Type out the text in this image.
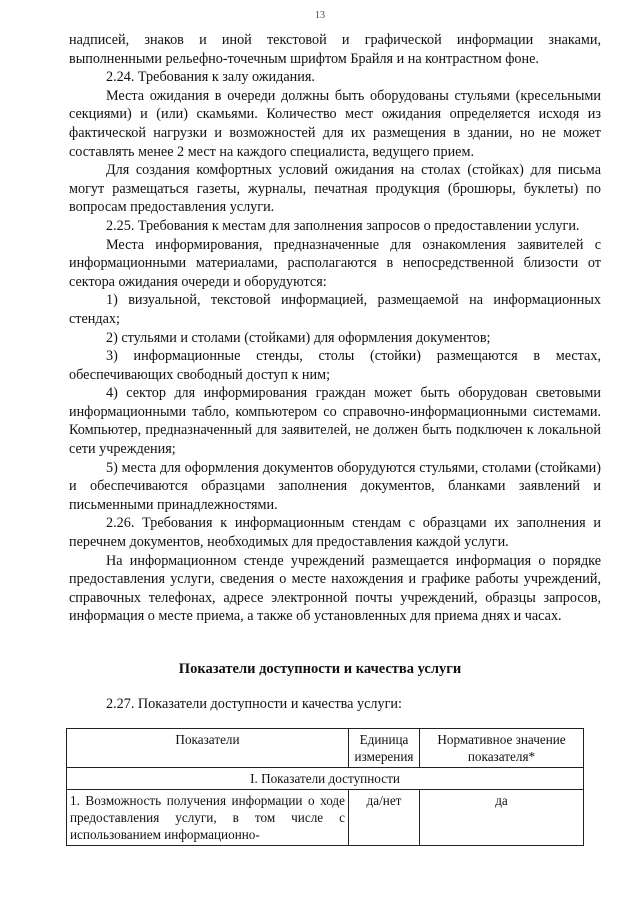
13

надписей, знаков и иной текстовой и графической информации знаками, выполненными рельефно-точечным шрифтом Брайля и на контрастном фоне.

2.24. Требования к залу ожидания.

Места ожидания в очереди должны быть оборудованы стульями (кресельными секциями) и (или) скамьями. Количество мест ожидания определяется исходя из фактической нагрузки и возможностей для их размещения в здании, но не может составлять менее 2 мест на каждого специалиста, ведущего прием.

Для создания комфортных условий ожидания на столах (стойках) для письма могут размещаться газеты, журналы, печатная продукция (брошюры, буклеты) по вопросам предоставления услуги.

2.25. Требования к местам для заполнения запросов о предоставлении услуги.

Места информирования, предназначенные для ознакомления заявителей с информационными материалами, располагаются в непосредственной близости от сектора ожидания очереди и оборудуются:

1) визуальной, текстовой информацией, размещаемой на информационных стендах;

2) стульями и столами (стойками) для оформления документов;

3) информационные стенды, столы (стойки) размещаются в местах, обеспечивающих свободный доступ к ним;

4) сектор для информирования граждан может быть оборудован световыми информационными табло, компьютером со справочно-информационными системами. Компьютер, предназначенный для заявителей, не должен быть подключен к локальной сети учреждения;

5) места для оформления документов оборудуются стульями, столами (стойками) и обеспечиваются образцами заполнения документов, бланками заявлений и письменными принадлежностями.

2.26. Требования к информационным стендам с образцами их заполнения и перечнем документов, необходимых для предоставления каждой услуги.

На информационном стенде учреждений размещается информация о порядке предоставления услуги, сведения о месте нахождения и графике работы учреждений, справочных телефонах, адресе электронной почты учреждений, образцы запросов, информация о месте приема, а также об установленных для приема днях и часах.

Показатели доступности и качества услуги
2.27. Показатели доступности и качества услуги:
Показатели	Единица измерения	Нормативное значение показателя*
I. Показатели доступности		
1. Возможность получения информации о ходе предоставления услуги, в том числе с использованием информационно-	да/нет	да
